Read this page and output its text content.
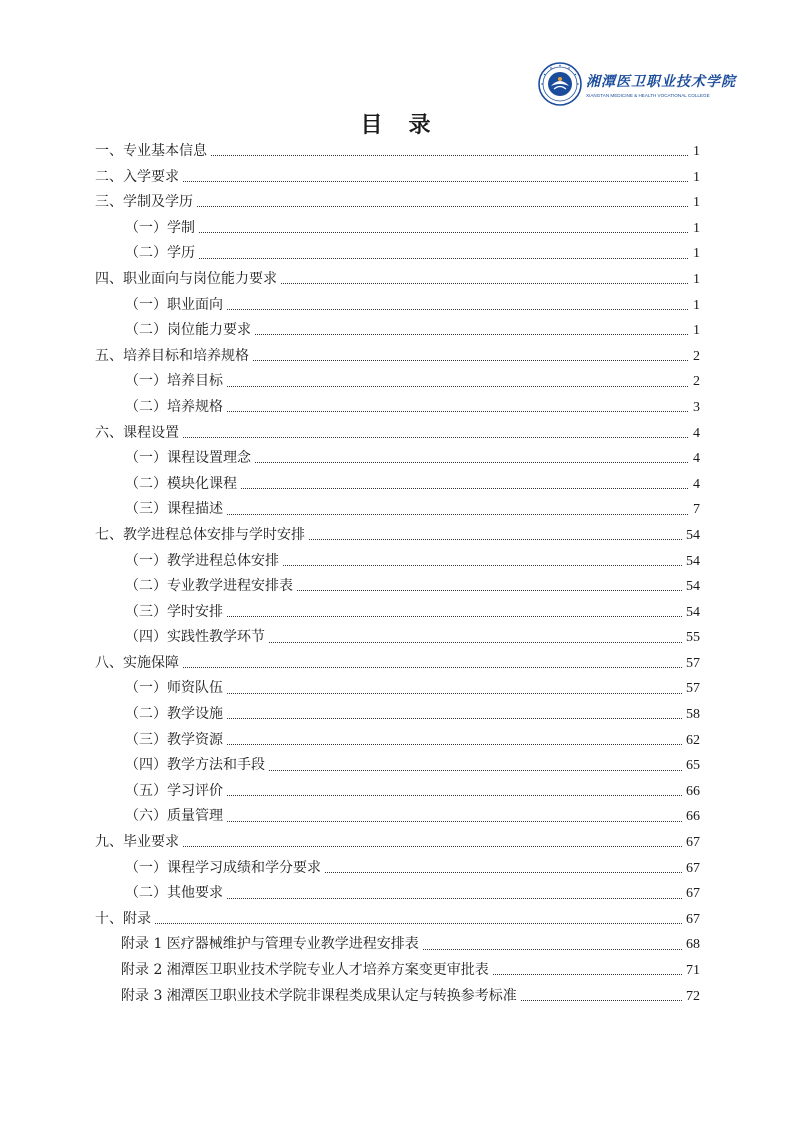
湘潭医卫职业技术学院
XIANGTAN MEDICINE & HEALTH VOCATIONAL COLLEGE
目　录
一、专业基本信息	1
二、入学要求	1
三、学制及学历	1
（一）学制	1
（二）学历	1
四、职业面向与岗位能力要求	1
（一）职业面向	1
（二）岗位能力要求	1
五、培养目标和培养规格	2
（一）培养目标	2
（二）培养规格	3
六、课程设置	4
（一）课程设置理念	4
（二）模块化课程	4
（三）课程描述	7
七、教学进程总体安排与学时安排	54
（一）教学进程总体安排	54
（二）专业教学进程安排表	54
（三）学时安排	54
（四）实践性教学环节	55
八、实施保障	57
（一）师资队伍	57
（二）教学设施	58
（三）教学资源	62
（四）教学方法和手段	65
（五）学习评价	66
（六）质量管理	66
九、毕业要求	67
（一）课程学习成绩和学分要求	67
（二）其他要求	67
十、附录	67
附录 1 医疗器械维护与管理专业教学进程安排表	68
附录 2 湘潭医卫职业技术学院专业人才培养方案变更审批表	71
附录 3 湘潭医卫职业技术学院非课程类成果认定与转换参考标准	72
